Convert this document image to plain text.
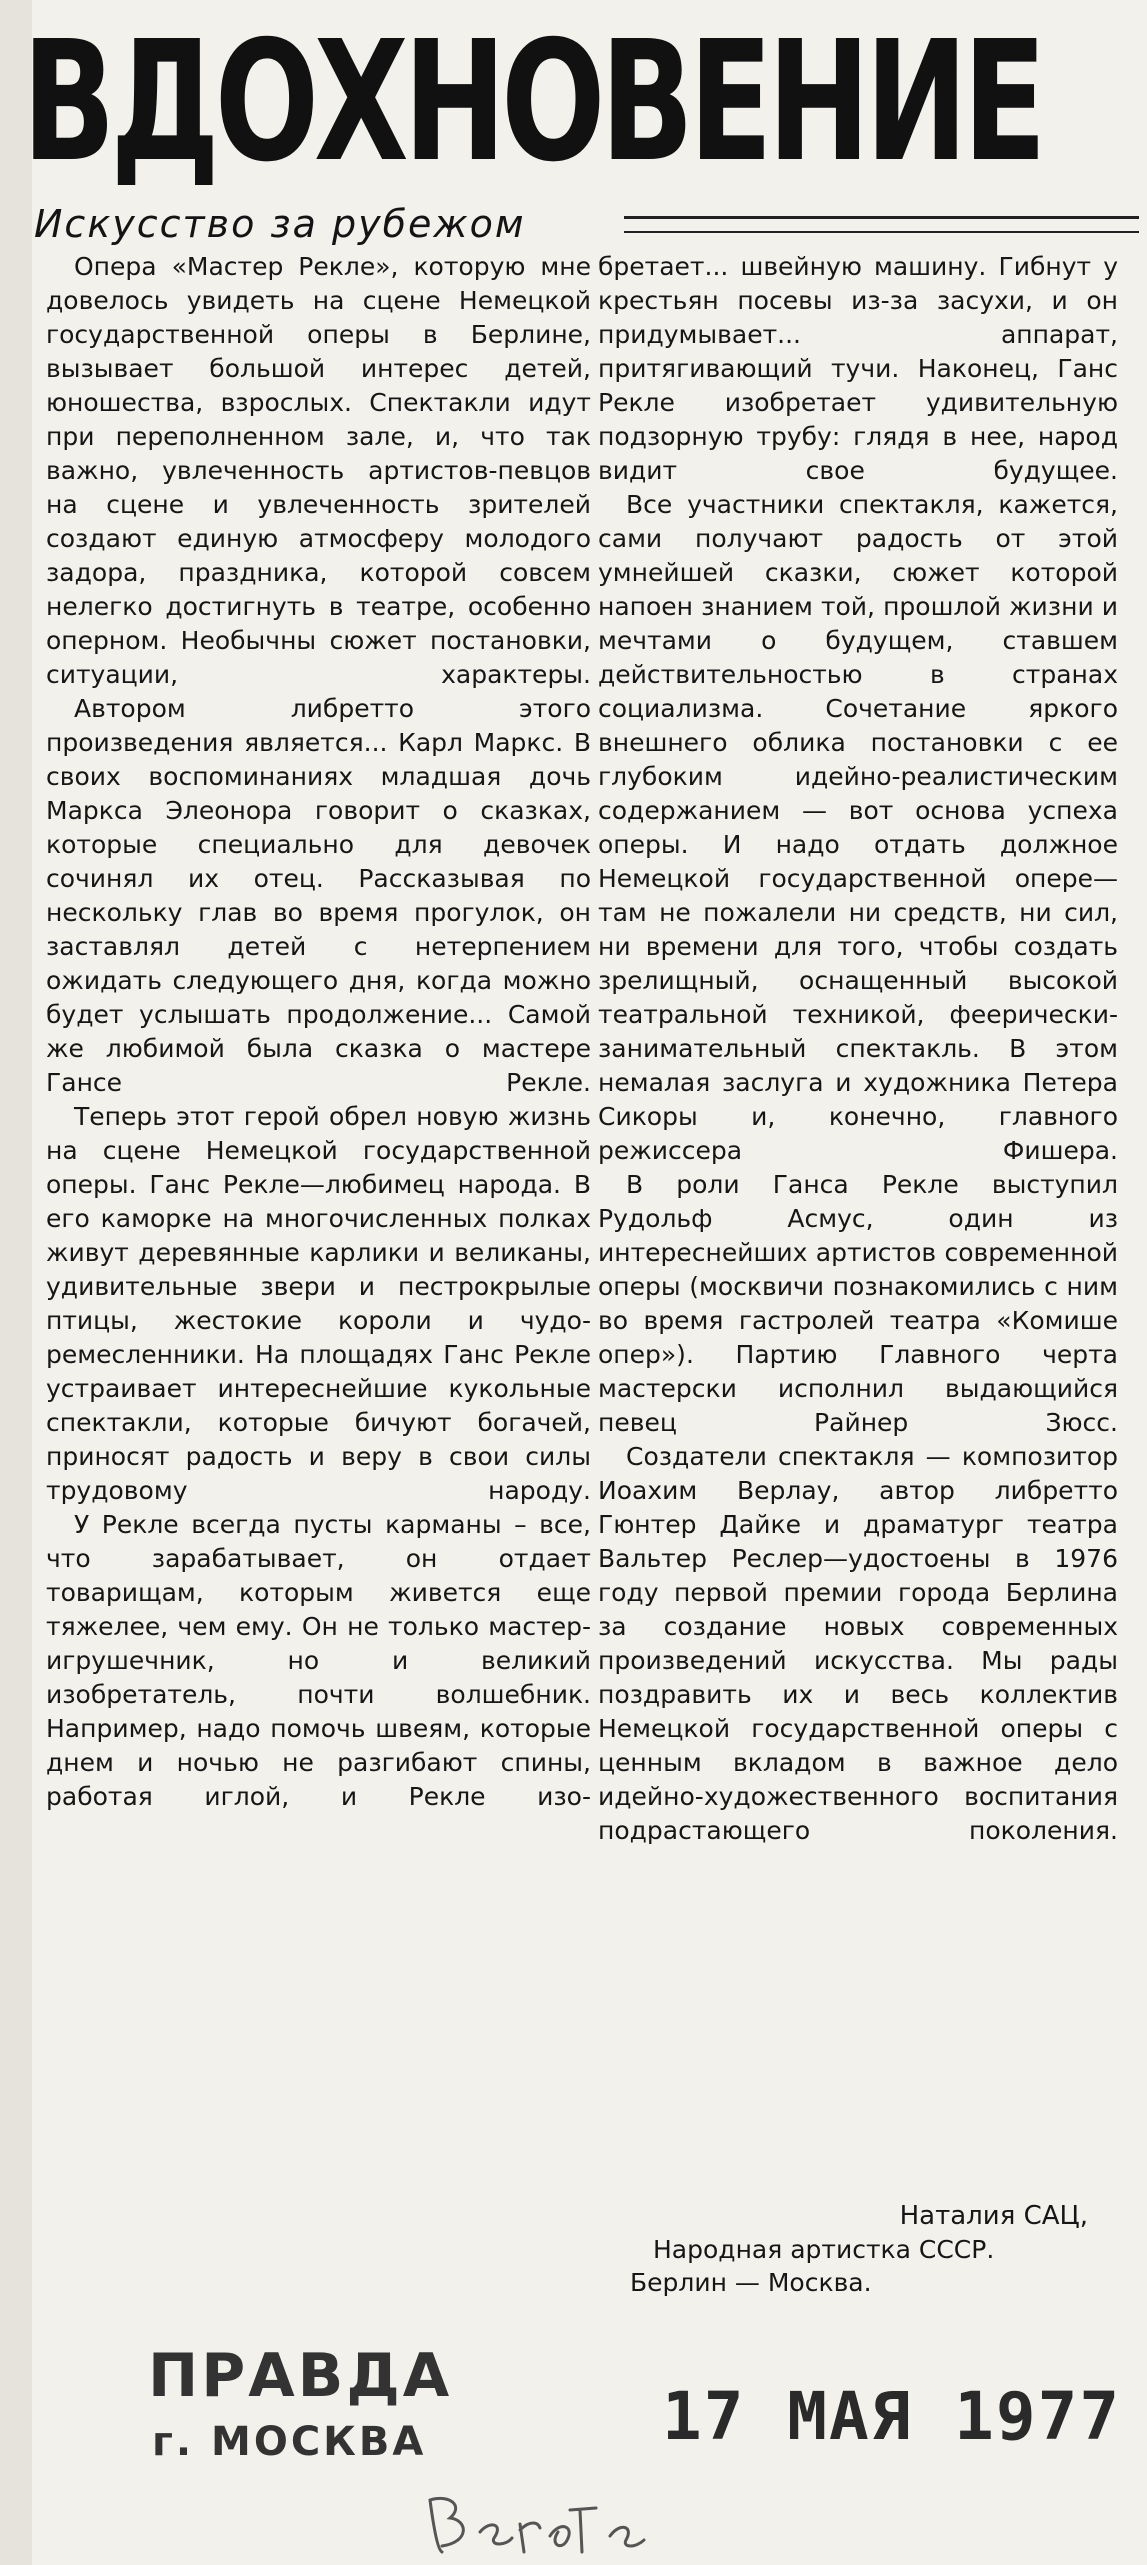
ВДОХНОВЕНИЕ
Искусство за рубежом

Опера «Мастер Рекле», которую мне довелось увидеть на сцене Немецкой государственной оперы в Берлине, вызывает большой интерес детей, юношества, взрослых. Спектакли идут при переполненном зале, и, что так важно, увлеченность артистов-певцов на сцене и увлеченность зрителей создают единую атмосферу молодого задора, праздника, которой совсем нелегко достигнуть в театре, особенно оперном. Необычны сюжет постановки, ситуации, характеры.

Автором либретто этого произведения является... Карл Маркс. В своих воспоминаниях младшая дочь Маркса Элеонора говорит о сказках, которые специально для девочек сочинял их отец. Рассказывая по нескольку глав во время прогулок, он заставлял детей с нетерпением ожидать следующего дня, когда можно будет услышать продолжение... Самой же любимой была сказка о мастере Гансе Рекле.

Теперь этот герой обрел новую жизнь на сцене Немецкой государственной оперы. Ганс Рекле—любимец народа. В его каморке на многочисленных полках живут деревянные карлики и великаны, удивительные звери и пестрокрылые птицы, жестокие короли и чудо-ремесленники. На площадях Ганс Рекле устраивает интереснейшие кукольные спектакли, которые бичуют богачей, приносят радость и веру в свои силы трудовому народу.

У Рекле всегда пусты карманы – все, что зарабатывает, он отдает товарищам, которым живется еще тяжелее, чем ему. Он не только мастер-игрушечник, но и великий изобретатель, почти волшебник. Например, надо помочь швеям, которые днем и ночью не разгибают спины, работая иглой, и Рекле изо-

бретает... швейную машину. Гибнут у крестьян посевы из-за засухи, и он придумывает... аппарат, притягивающий тучи. Наконец, Ганс Рекле изобретает удивительную подзорную трубу: глядя в нее, народ видит свое будущее.

Все участники спектакля, кажется, сами получают радость от этой умнейшей сказки, сюжет которой напоен знанием той, прошлой жизни и мечтами о будущем, ставшем действительностью в странах социализма. Сочетание яркого внешнего облика постановки с ее глубоким идейно-реалистическим содержанием — вот основа успеха оперы. И надо отдать должное Немецкой государственной опере—там не пожалели ни средств, ни сил, ни времени для того, чтобы создать зрелищный, оснащенный высокой театральной техникой, феерически-занимательный спектакль. В этом немалая заслуга и художника Петера Сикоры и, конечно, главного режиссера Фишера.

В роли Ганса Рекле выступил Рудольф Асмус, один из интереснейших артистов современной оперы (москвичи познакомились с ним во время гастролей театра «Комише опер»). Партию Главного черта мастерски исполнил выдающийся певец Райнер Зюсс.

Создатели спектакля — композитор Иоахим Верлау, автор либретто Гюнтер Дайке и драматург театра Вальтер Реслер—удостоены в 1976 году первой премии города Берлина за создание новых современных произведений искусства. Мы рады поздравить их и весь коллектив Немецкой государственной оперы с ценным вкладом в важное дело идейно-художественного воспитания подрастающего поколения.

Наталия САЦ,
Народная артистка СССР.
Берлин — Москва.
ПРАВДА
г. МОСКВА	17 МАЯ 1977
